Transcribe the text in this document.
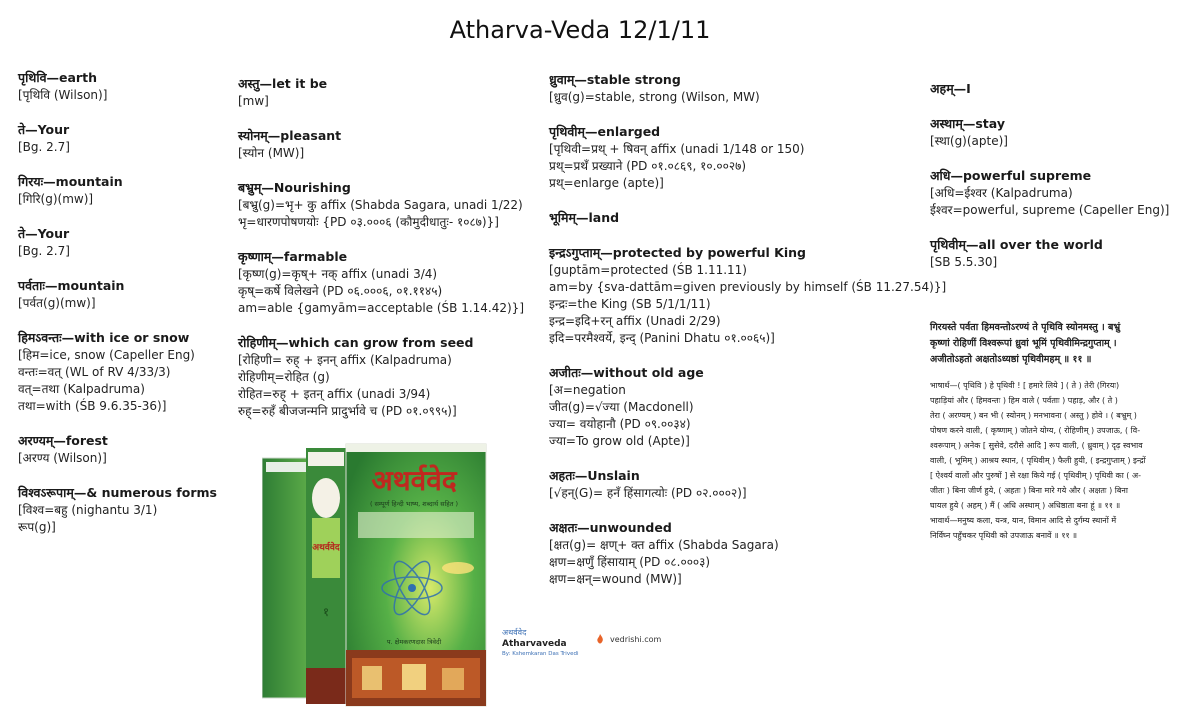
Atharva-Veda 12/1/11
पृथिवि—earth
[पृथिवि (Wilson)]
ते—Your
[Bg. 2.7]
गिरयः—mountain
[गिरि(g)(mw)]
ते—Your
[Bg. 2.7]
पर्वताः—mountain
[पर्वत(g)(mw)]
हिमऽवन्तः—with ice or snow
[हिम=ice, snow (Capeller Eng)
वन्तः=वत् (WL of RV 4/33/3)
वत्=तथा (Kalpadruma)
तथा=with (ŚB 9.6.35-36)]
अरण्यम्—forest
[अरण्य (Wilson)]
विश्वऽरूपाम्—& numerous forms
[विश्व=बहु (nighantu 3/1)
रूप(g)]
अस्तु—let it be
[mw]
स्योनम्—pleasant
[स्योन (MW)]
बभ्रुम्—Nourishing
[बभ्रु(g)=भृ+ कु affix (Shabda Sagara, unadi 1/22)
भृ=धारणपोषणयोः {PD ०३.०००६ (कौमुदीधातुः- १०८७)}]
कृष्णाम्—farmable
[कृष्ण(g)=कृष्+ नक् affix (unadi 3/4)
कृष्=कर्षे विलेखने (PD ०६.०००६, ०१.११४५)
am=able {gamyām=acceptable (ŚB 1.14.42)}]
रोहिणीम्—which can grow from seed
[रोहिणी= रुह् + इनन् affix (Kalpadruma)
रोहिणीम्=रोहित (g)
रोहित=रुह् + इतन् affix (unadi 3/94)
रुह्=रुहँ बीजजन्मनि प्रादुर्भावे च (PD ०१.०९९५)]
ध्रुवाम्—stable strong
[ध्रुव(g)=stable, strong (Wilson, MW)
पृथिवीम्—enlarged
[पृथिवी=प्रथ् + षिवन् affix (unadi 1/148 or 150)
प्रथ्=प्रथँ प्रख्याने (PD ०१.०८६९, १०.००२७)
प्रथ्=enlarge (apte)]
भूमिम्—land
इन्द्रऽगुप्ताम्—protected by powerful King
[guptām=protected (ŚB 1.11.11)
am=by {sva-dattām=given previously by himself (ŚB 11.27.54)}]
इन्द्रः=the King (SB 5/1/1/11)
इन्द्र=इदि+रन् affix (Unadi 2/29)
इदि=परमैश्वर्ये, इन्द् (Panini Dhatu ०१.००६५)]
अजीतः—without old age
[अ=negation
जीत(g)=√ज्या (Macdonell)
ज्या= वयोहानौ (PD ०९.००३४)
ज्या=To grow old (Apte)]
अहतः—Unslain
[√हन्(G)= हनँ हिंसागत्योः (PD ०२.०००२)]
अक्षतः—unwounded
[क्षत(g)= क्षण्+ क्त affix (Shabda Sagara)
क्षण=क्षणुँ हिंसायाम् (PD ०८.०००३)
क्षण=क्षन्=wound (MW)]
अहम्—I
अस्थाम्—stay
[स्था(g)(apte)]
अधि—powerful supreme
[अधि=ईश्वर (Kalpadruma)
ईश्वर=powerful, supreme (Capeller Eng)]
पृथिवीम्—all over the world
[SB 5.5.30]
अथर्ववेद
१
अथर्ववेद
( सम्पूर्ण हिन्दी भाष्य, शब्दार्थ सहित )
प. क्षेमकरणदास त्रिवेदी
अथर्ववेद
Atharvaveda
By: Kshemkaran Das Trivedi
vedrishi.com
गिरयस्ते पर्वता हिमवन्तोऽरण्यं ते पृथिवि स्योनमस्तु । बभ्रुं
कृष्णां रोहिणीं विश्वरूपां ध्रुवां भूमिं पृथिवीमिन्द्रगुप्ताम् ।
अजीतोऽहतो अक्षतोऽध्यष्ठां पृथिवीमहम् ॥ ११ ॥
भाषार्थ—( पृथिवि ) हे पृथिवी ! [ हमारे लिये ] ( ते ) तेरी (गिरयः)
पहाड़ियां और ( हिमवन्तः ) हिम वाले ( पर्वताः ) पहाड़, और ( ते )
तेरा ( अरण्यम् ) बन भी ( स्योनम् ) मनभावना ( अस्तु ) होवे । ( बभ्रुम् )
पोषण करने वाली, ( कृष्णाम् ) जोतने योग्य, ( रोहिणीम् ) उपजाऊ, ( वि-
श्वरूपाम् ) अनेक [ सुसेवे, दरौसे आदि ] रूप वाली, ( ध्रुवाम् ) दृढ़ स्वभाव
वाली, ( भूमिम् ) आश्रय स्थान, ( पृथिवीम् ) फैली हुयी, ( इन्द्रगुप्ताम् ) इन्द्रों
[ ऐश्वर्य वालों और पुरुषों ] से रक्षा किये गई ( पृथिवीम् ) पृथिवी का ( अ-
जीतः ) बिना जीर्ण हुये, ( अहतः ) बिना मारे गये और ( अक्षतः ) बिना
घायल हुये ( अहम् ) मैं ( अधि अस्थाम् ) अधिष्ठाता बना हूं ॥ ११ ॥
भावार्थ—मनुष्य कला, यन्त्र, यान, विमान आदि से दुर्गम्य स्थानों में
निर्विघ्न पहुँचकर पृथिवी को उपजाऊ बनावें ॥ ११ ॥
